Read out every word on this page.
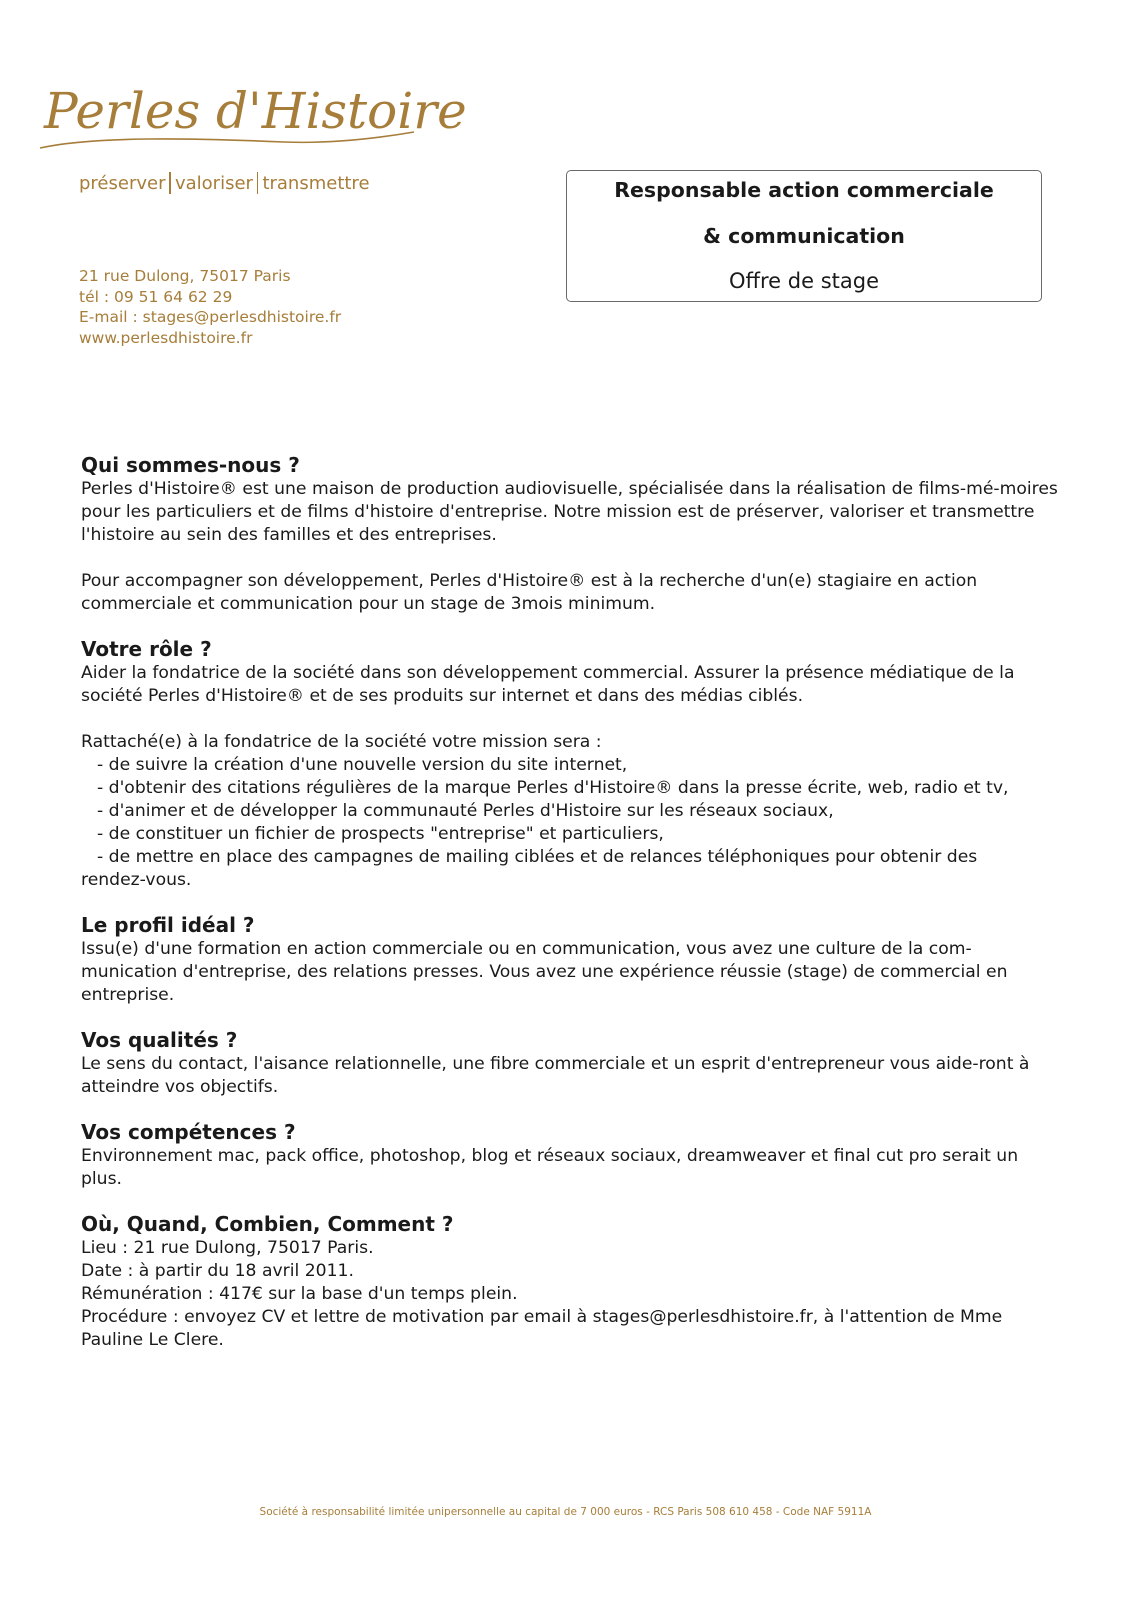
Perles d'Histoire
préserver valoriser transmettre
21 rue Dulong, 75017 Paris
tél : 09 51 64 62 29
E-mail : stages@perlesdhistoire.fr
www.perlesdhistoire.fr
Responsable action commerciale
& communication
Offre de stage
Qui sommes-nous ?

Perles d'Histoire® est une maison de production audiovisuelle, spécialisée dans la réalisation de films-mé-moires pour les particuliers et de films d'histoire d'entreprise. Notre mission est de préserver, valoriser et transmettre l'histoire au sein des familles et des entreprises.

Pour accompagner son développement, Perles d'Histoire® est à la recherche d'un(e) stagiaire en action commerciale et communication pour un stage de 3mois minimum.

Votre rôle ?

Aider la fondatrice de la société dans son développement commercial. Assurer la présence médiatique de la société Perles d'Histoire® et de ses produits sur internet et dans des médias ciblés.

Rattaché(e) à la fondatrice de la société votre mission sera :

- de suivre la création d'une nouvelle version du site internet,

- d'obtenir des citations régulières de la marque Perles d'Histoire® dans la presse écrite, web, radio et tv,

- d'animer et de développer la communauté Perles d'Histoire sur les réseaux sociaux,

- de constituer un fichier de prospects "entreprise" et particuliers,

- de mettre en place des campagnes de mailing ciblées et de relances téléphoniques pour obtenir des

rendez-vous.

Le profil idéal ?

Issu(e) d'une formation en action commerciale ou en communication, vous avez une culture de la com-munication d'entreprise, des relations presses. Vous avez une expérience réussie (stage) de commercial en entreprise.

Vos qualités ?

Le sens du contact, l'aisance relationnelle, une fibre commerciale et un esprit d'entrepreneur vous aide-ront à atteindre vos objectifs.

Vos compétences ?

Environnement mac, pack office, photoshop, blog et réseaux sociaux, dreamweaver et final cut pro serait un plus.

Où, Quand, Combien, Comment ?

Lieu : 21 rue Dulong, 75017 Paris.

Date : à partir du 18 avril 2011.

Rémunération : 417€ sur la base d'un temps plein.

Procédure : envoyez CV et lettre de motivation par email à stages@perlesdhistoire.fr, à l'attention de Mme Pauline Le Clere.

Société à responsabilité limitée unipersonnelle au capital de 7 000 euros - RCS Paris 508 610 458 - Code NAF 5911A
